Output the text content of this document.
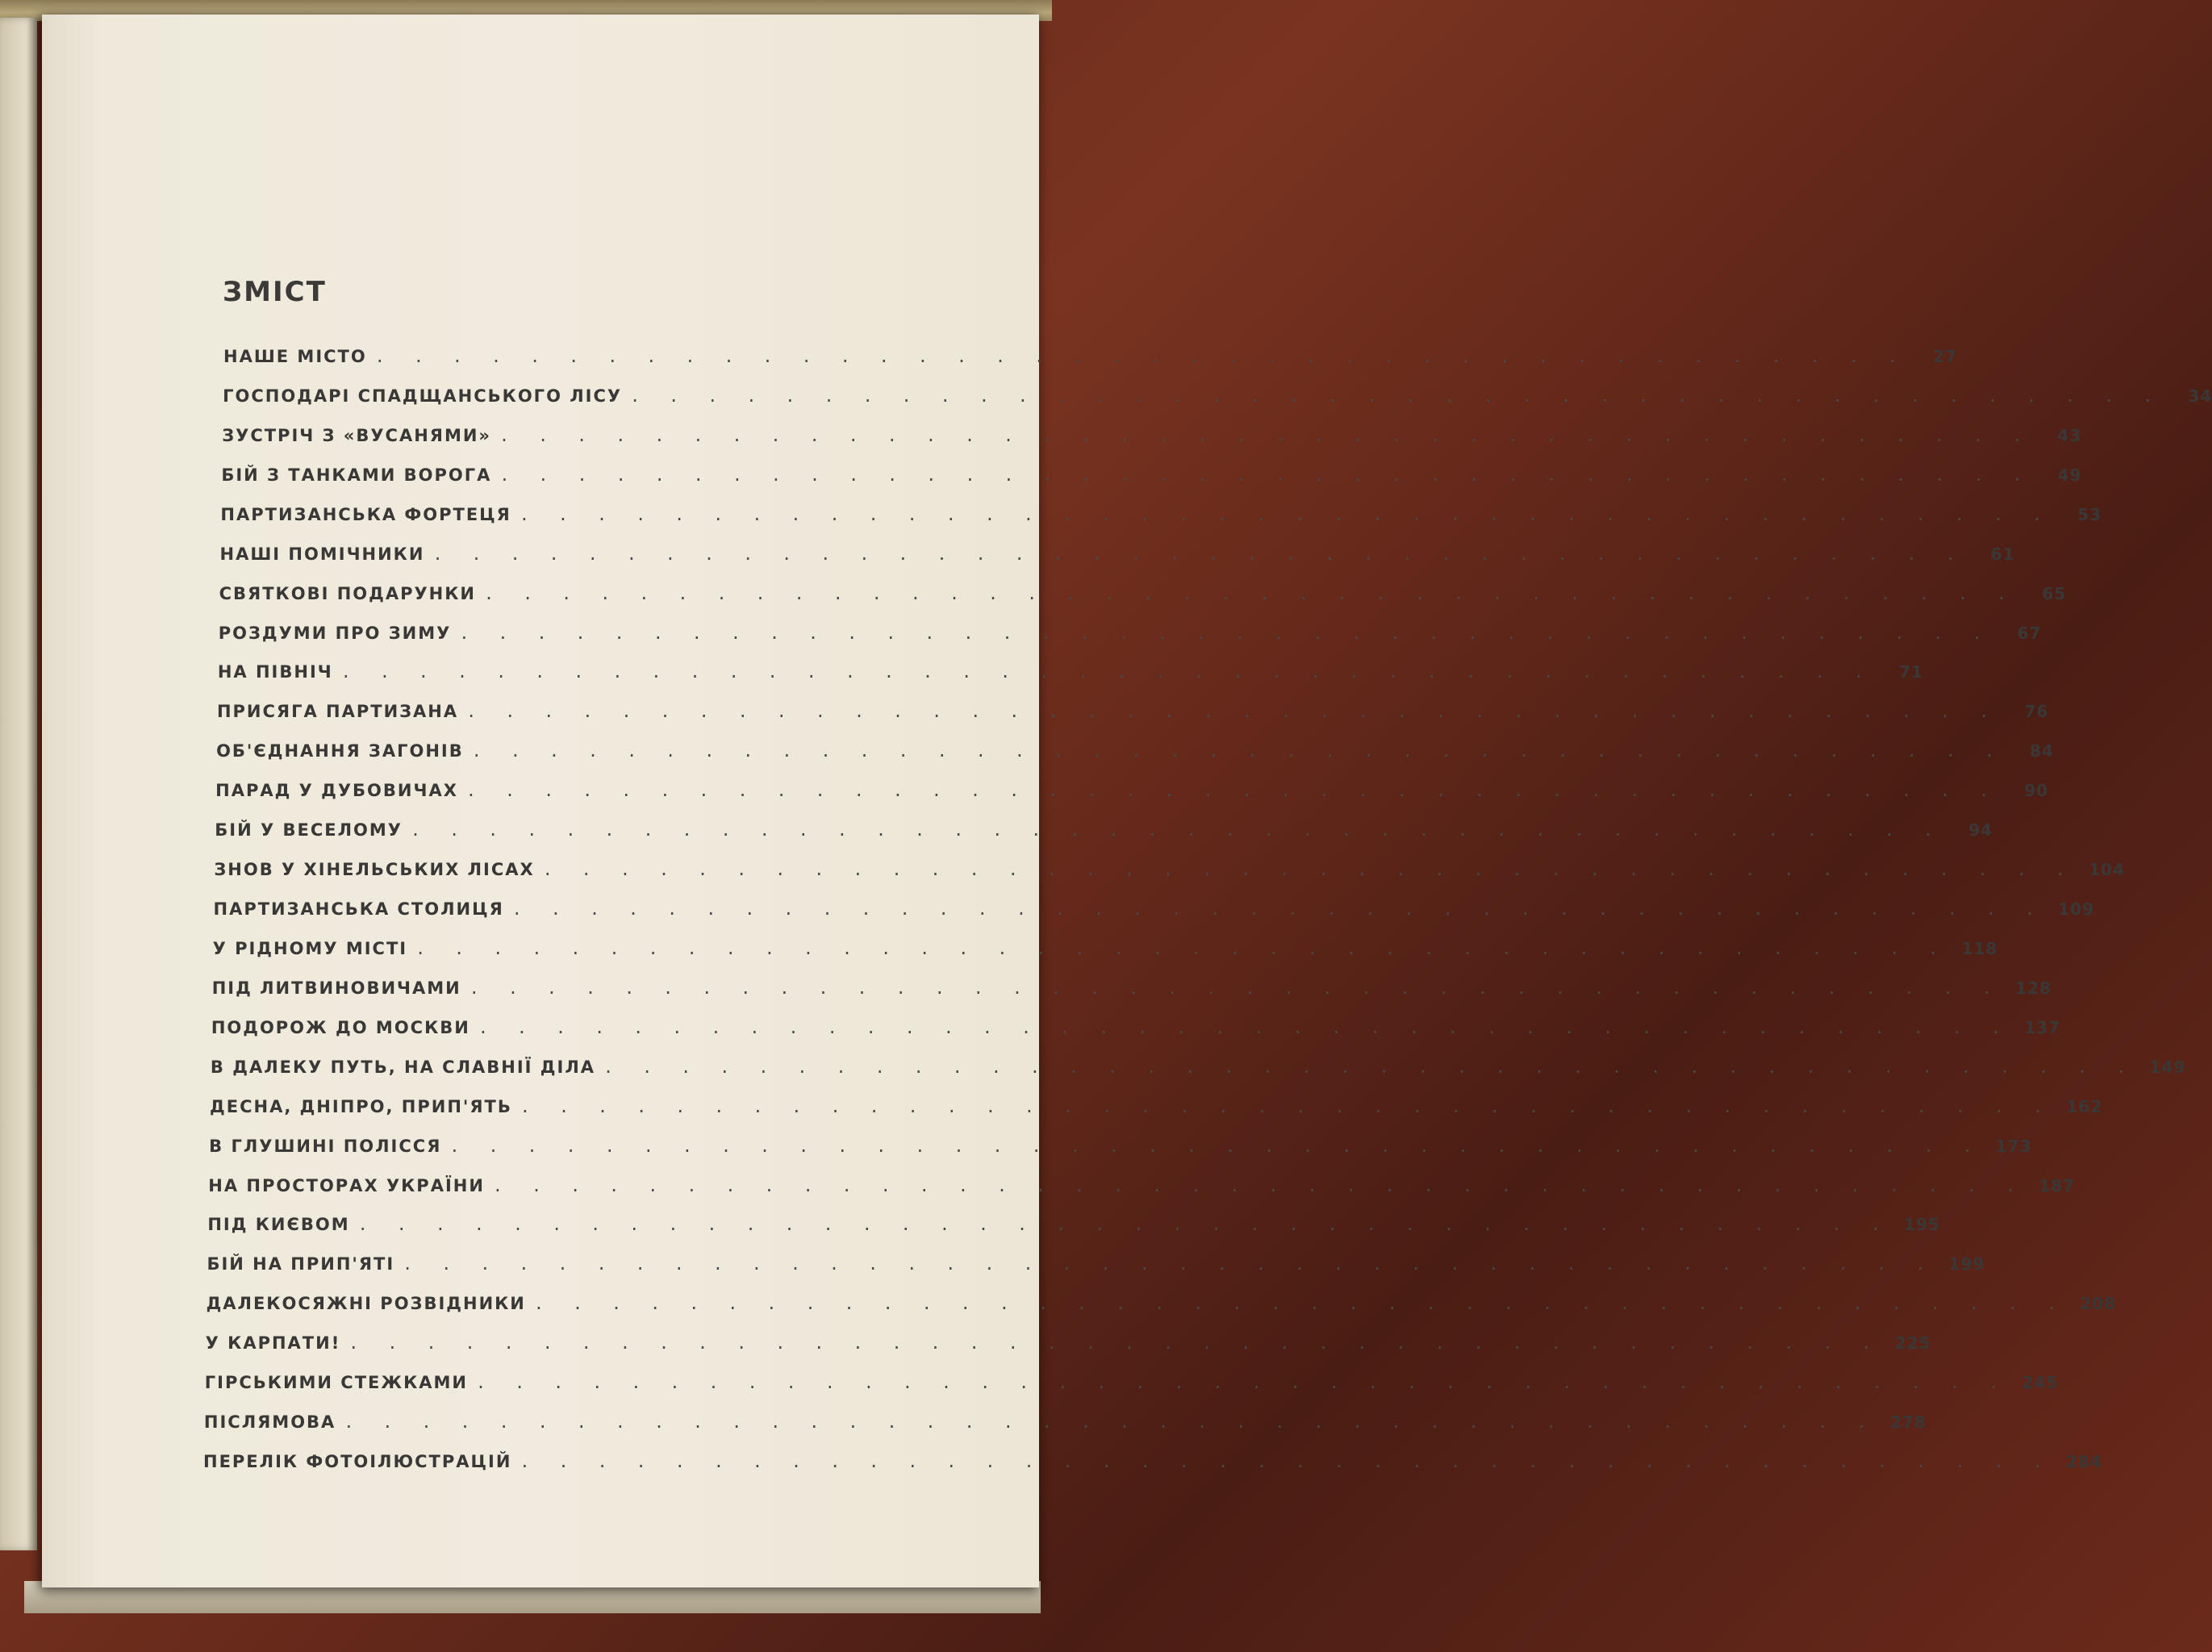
ЗМІСТ
НАШЕ МІСТО . . . . . . . . . . . . . . . . . . . . . . . . . . . . . . . . . . . . . . . .	27
ГОСПОДАРІ СПАДЩАНСЬКОГО ЛІСУ . . . . . . . . . . . . . . . . . . . . . . . . . . . . . . . . . . . . . . . .	34
ЗУСТРІЧ З «ВУСАНЯМИ» . . . . . . . . . . . . . . . . . . . . . . . . . . . . . . . . . . . . . . . .	43
БІЙ З ТАНКАМИ ВОРОГА . . . . . . . . . . . . . . . . . . . . . . . . . . . . . . . . . . . . . . . .	49
ПАРТИЗАНСЬКА ФОРТЕЦЯ . . . . . . . . . . . . . . . . . . . . . . . . . . . . . . . . . . . . . . . .	53
НАШІ ПОМІЧНИКИ . . . . . . . . . . . . . . . . . . . . . . . . . . . . . . . . . . . . . . . .	61
СВЯТКОВІ ПОДАРУНКИ . . . . . . . . . . . . . . . . . . . . . . . . . . . . . . . . . . . . . . . .	65
РОЗДУМИ ПРО ЗИМУ . . . . . . . . . . . . . . . . . . . . . . . . . . . . . . . . . . . . . . . .	67
НА ПІВНІЧ . . . . . . . . . . . . . . . . . . . . . . . . . . . . . . . . . . . . . . . .	71
ПРИСЯГА ПАРТИЗАНА . . . . . . . . . . . . . . . . . . . . . . . . . . . . . . . . . . . . . . . .	76
ОБ'ЄДНАННЯ ЗАГОНІВ . . . . . . . . . . . . . . . . . . . . . . . . . . . . . . . . . . . . . . . .	84
ПАРАД У ДУБОВИЧАХ . . . . . . . . . . . . . . . . . . . . . . . . . . . . . . . . . . . . . . . .	90
БІЙ У ВЕСЕЛОМУ . . . . . . . . . . . . . . . . . . . . . . . . . . . . . . . . . . . . . . . .	94
ЗНОВ У ХІНЕЛЬСЬКИХ ЛІСАХ . . . . . . . . . . . . . . . . . . . . . . . . . . . . . . . . . . . . . . . . 104
ПАРТИЗАНСЬКА СТОЛИЦЯ . . . . . . . . . . . . . . . . . . . . . . . . . . . . . . . . . . . . . . . . 109
У РІДНОМУ МІСТІ . . . . . . . . . . . . . . . . . . . . . . . . . . . . . . . . . . . . . . . . 118
ПІД ЛИТВИНОВИЧАМИ . . . . . . . . . . . . . . . . . . . . . . . . . . . . . . . . . . . . . . . . 128
ПОДОРОЖ ДО МОСКВИ . . . . . . . . . . . . . . . . . . . . . . . . . . . . . . . . . . . . . . . . 137
В ДАЛЕКУ ПУТЬ, НА СЛАВНІЇ ДІЛА . . . . . . . . . . . . . . . . . . . . . . . . . . . . . . . . . . . . . . . . 149
ДЕСНА, ДНІПРО, ПРИП'ЯТЬ . . . . . . . . . . . . . . . . . . . . . . . . . . . . . . . . . . . . . . . . 162
В ГЛУШИНІ ПОЛІССЯ . . . . . . . . . . . . . . . . . . . . . . . . . . . . . . . . . . . . . . . . 173
НА ПРОСТОРАХ УКРАЇНИ . . . . . . . . . . . . . . . . . . . . . . . . . . . . . . . . . . . . . . . . 187
ПІД КИЄВОМ . . . . . . . . . . . . . . . . . . . . . . . . . . . . . . . . . . . . . . . . 195
БІЙ НА ПРИП'ЯТІ . . . . . . . . . . . . . . . . . . . . . . . . . . . . . . . . . . . . . . . . 199
ДАЛЕКОСЯЖНІ РОЗВІДНИКИ . . . . . . . . . . . . . . . . . . . . . . . . . . . . . . . . . . . . . . . . 208
У КАРПАТИ! . . . . . . . . . . . . . . . . . . . . . . . . . . . . . . . . . . . . . . . . 225
ГІРСЬКИМИ СТЕЖКАМИ . . . . . . . . . . . . . . . . . . . . . . . . . . . . . . . . . . . . . . . . 245
ПІСЛЯМОВА . . . . . . . . . . . . . . . . . . . . . . . . . . . . . . . . . . . . . . . . 278
ПЕРЕЛІК ФОТОІЛЮСТРАЦІЙ . . . . . . . . . . . . . . . . . . . . . . . . . . . . . . . . . . . . . . . . 284
